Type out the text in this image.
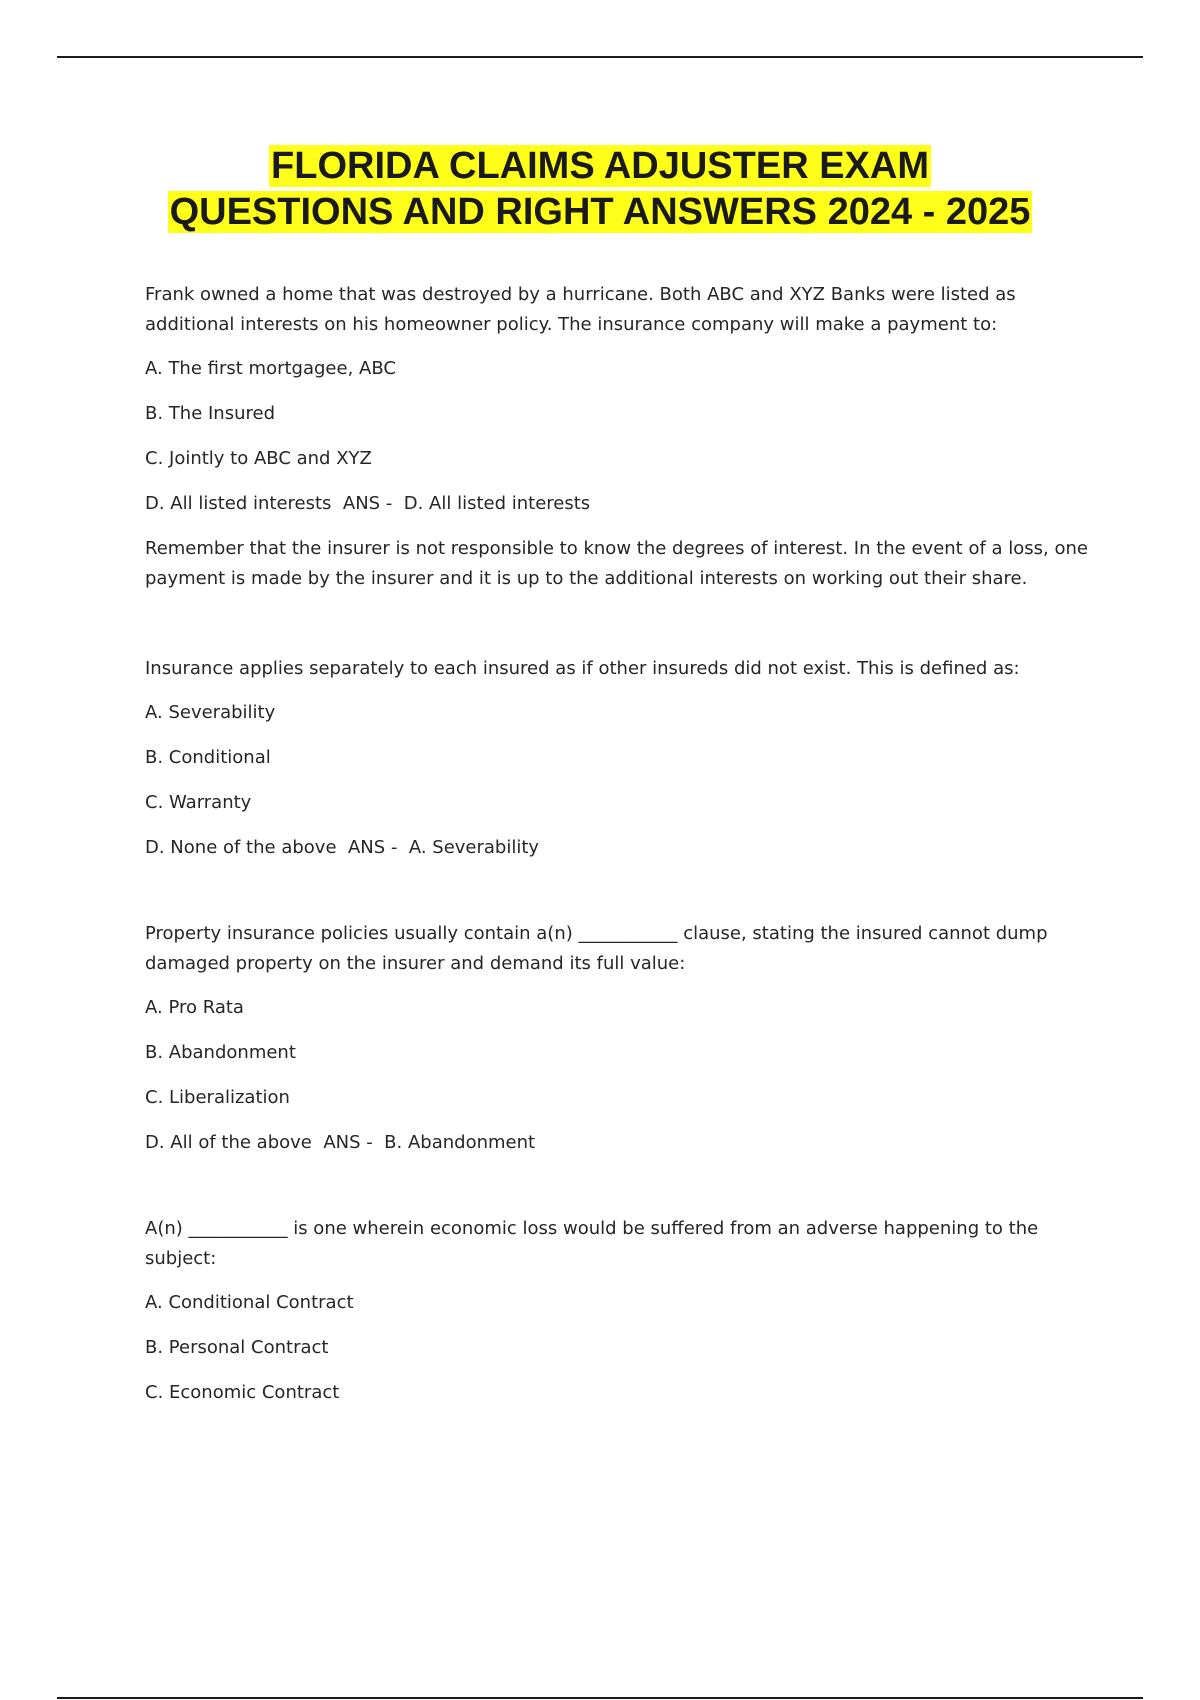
FLORIDA CLAIMS ADJUSTER EXAM
QUESTIONS AND RIGHT ANSWERS 2024 - 2025

Frank owned a home that was destroyed by a hurricane. Both ABC and XYZ Banks were listed as additional interests on his homeowner policy. The insurance company will make a payment to:

A. The first mortgagee, ABC

B. The Insured

C. Jointly to ABC and XYZ

D. All listed interests  ANS -  D. All listed interests

Remember that the insurer is not responsible to know the degrees of interest. In the event of a loss, one payment is made by the insurer and it is up to the additional interests on working out their share.

Insurance applies separately to each insured as if other insureds did not exist. This is defined as:

A. Severability

B. Conditional

C. Warranty

D. None of the above  ANS -  A. Severability

Property insurance policies usually contain a(n) ___________ clause, stating the insured cannot dump damaged property on the insurer and demand its full value:

A. Pro Rata

B. Abandonment

C. Liberalization

D. All of the above  ANS -  B. Abandonment

A(n) ___________ is one wherein economic loss would be suffered from an adverse happening to the subject:

A. Conditional Contract

B. Personal Contract

C. Economic Contract
